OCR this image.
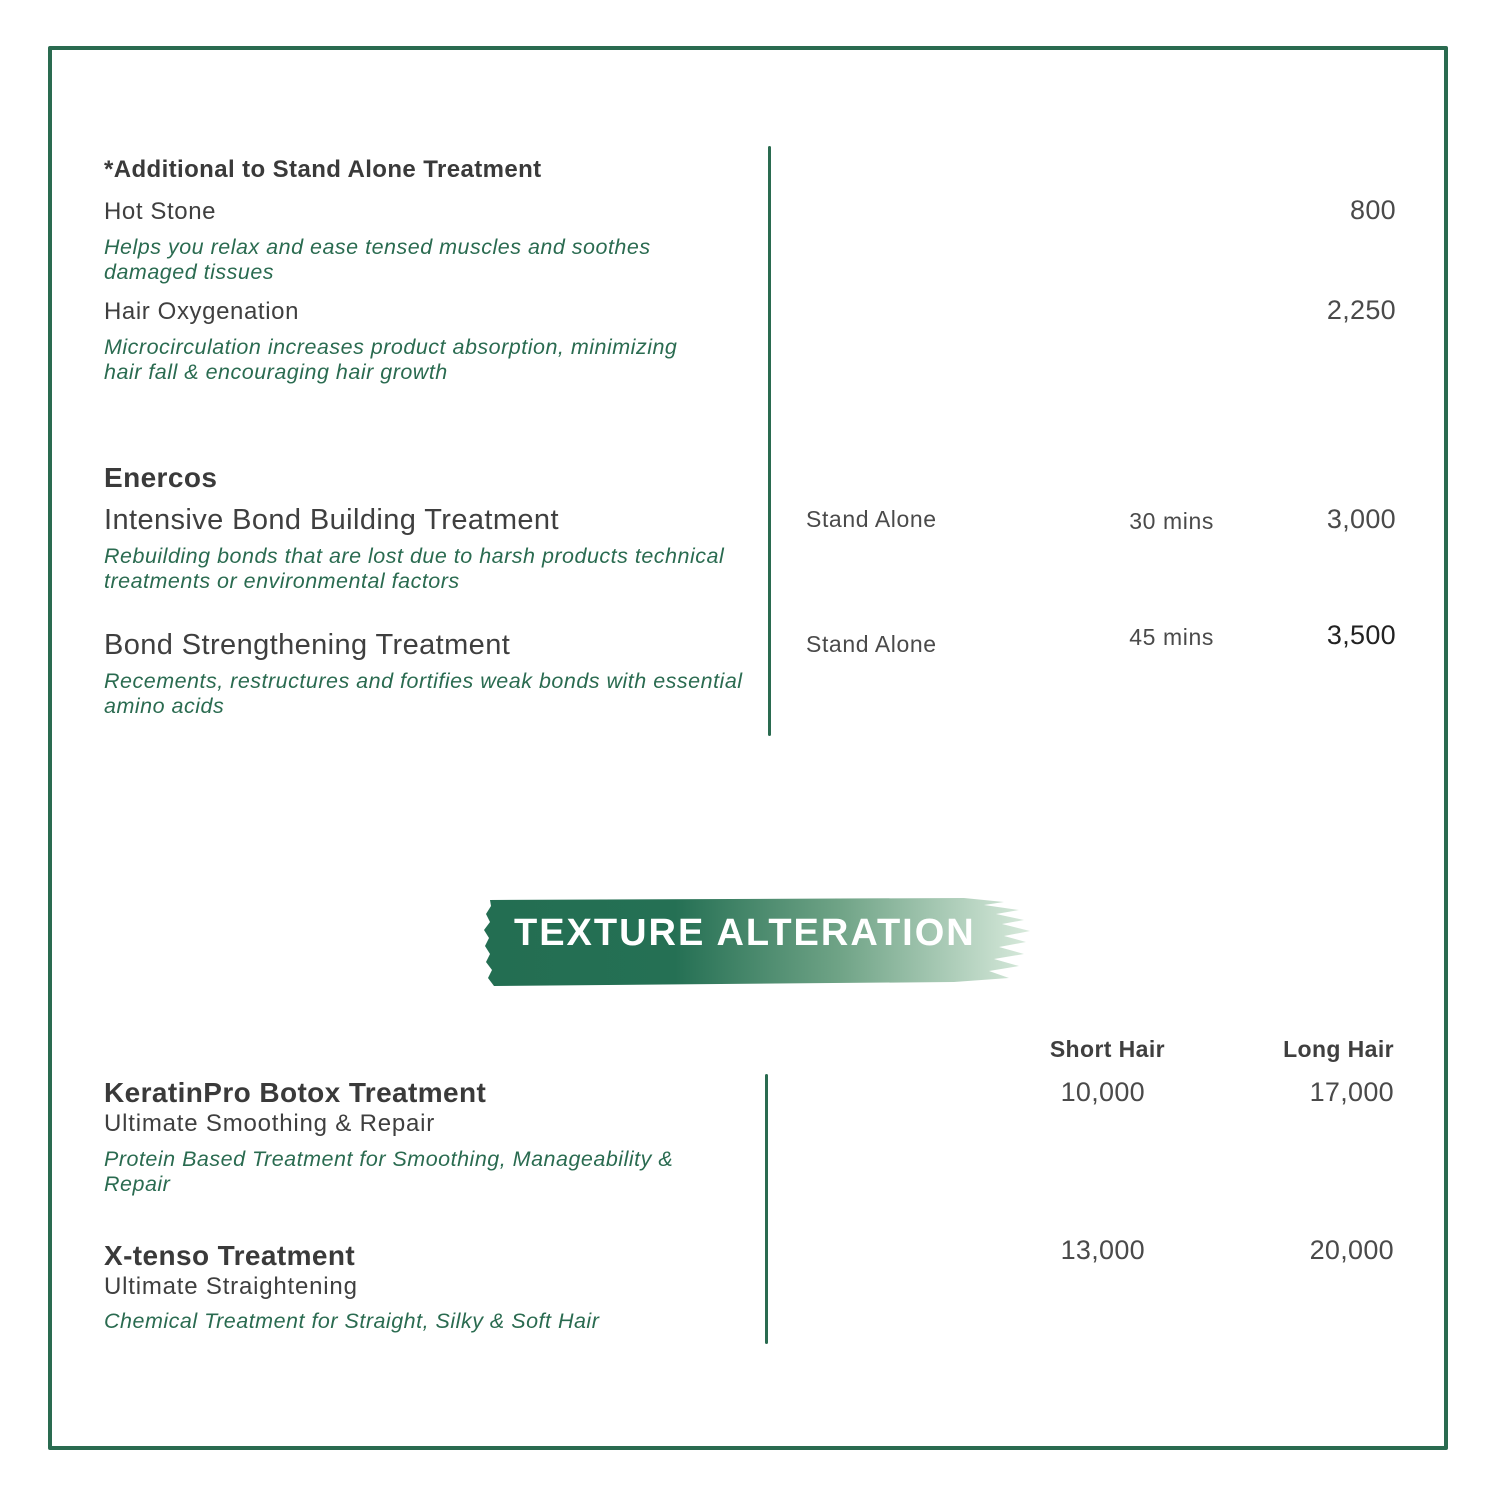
*Additional to Stand Alone Treatment
Hot Stone
Helps you relax and ease tensed muscles and soothes damaged tissues
800
Hair Oxygenation
Microcirculation increases product absorption, minimizing hair fall & encouraging hair growth
2,250
Enercos
Intensive Bond Building Treatment
Rebuilding bonds that are lost due to harsh products technical treatments or environmental factors
Stand Alone	30 mins	3,000
Bond Strengthening Treatment
Recements, restructures and fortifies weak bonds with essential amino acids
Stand Alone	45 mins	3,500
TEXTURE ALTERATION
Short Hair	Long Hair
KeratinPro Botox Treatment
Ultimate Smoothing & Repair
Protein Based Treatment for Smoothing, Manageability & Repair
10,000	17,000
X-tenso Treatment
Ultimate Straightening
Chemical Treatment for Straight, Silky & Soft Hair
13,000	20,000
